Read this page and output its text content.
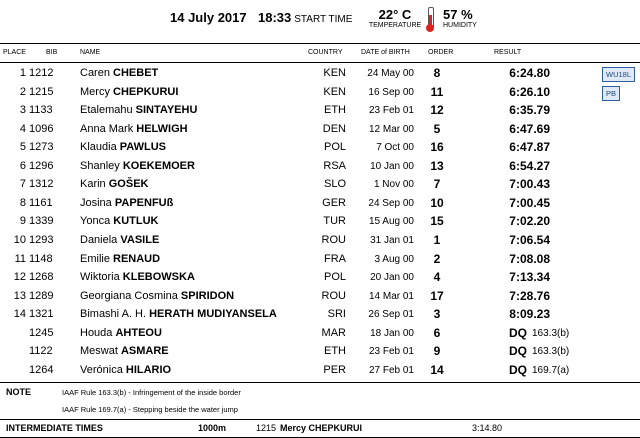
14 July 2017 18:33 START TIME	22° C
TEMPERATURE
57 %
HUMIDITY
PLACE	BIB	NAME	COUNTRY	DATE of BIRTH	ORDER	RESULT
1 1212 Caren CHEBET	KEN	24 May 00	8	6:24.80	WU18L
2 1215 Mercy CHEPKURUI	KEN	16 Sep 00	11	6:26.10	PB
3 1133 Etalemahu SINTAYEHU	ETH	23 Feb 01	12	6:35.79
4 1096 Anna Mark HELWIGH	DEN	12 Mar 00	5	6:47.69
5 1273 Klaudia PAWLUS	POL	7 Oct 00	16	6:47.87
6 1296 Shanley KOEKEMOER	RSA	10 Jan 00	13	6:54.27
7 1312 Karin GOŠEK	SLO	1 Nov 00	7	7:00.43
8 1161 Josina PAPENFUß	GER	24 Sep 00	10	7:00.45
9 1339 Yonca KUTLUK	TUR	15 Aug 00	15	7:02.20
10 1293 Daniela VASILE	ROU	31 Jan 01	1	7:06.54
11 1148 Emilie RENAUD	FRA	3 Aug 00	2	7:08.08
12 1268 Wiktoria KLEBOWSKA	POL	20 Jan 00	4	7:13.34
13 1289 Georgiana Cosmina SPIRIDON	ROU	14 Mar 01	17	7:28.76
14 1321 Bimashi A. H. HERATH MUDIYANSELA	SRI	26 Sep 01	3	8:09.23
1245 Houda AHTEOU	MAR	18 Jan 00	6	DQ 163.3(b)
1122 Meswat ASMARE	ETH	23 Feb 01	9	DQ 163.3(b)
1264 Verónica HILARIO	PER	27 Feb 01	14	DQ 169.7(a)
NOTE	IAAF Rule 163.3(b) - Infringement of the inside border
IAAF Rule 169.7(a) - Stepping beside the water jump
INTERMEDIATE TIMES	1000m	1215 Mercy CHEPKURUI	3:14.80
